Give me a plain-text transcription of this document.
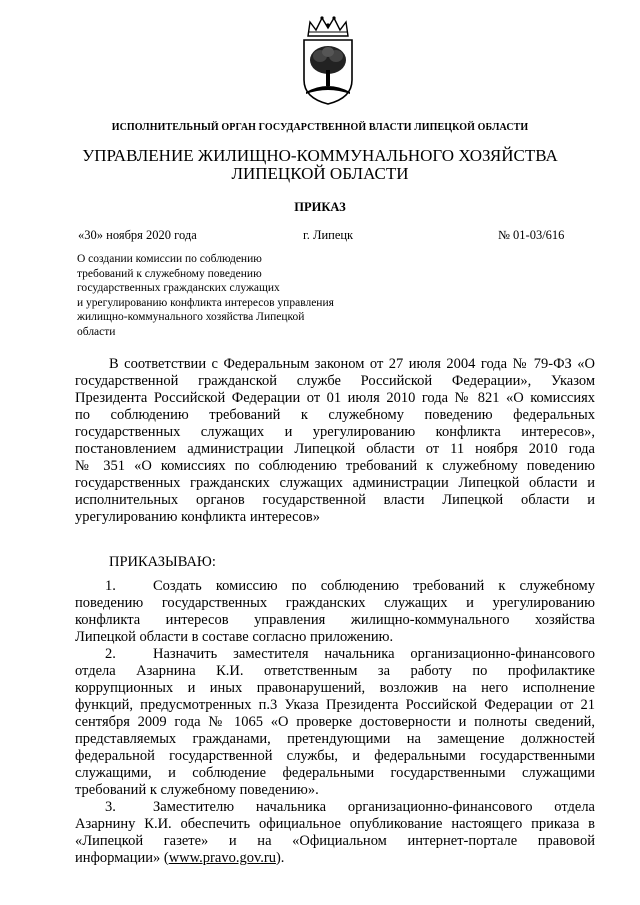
ИСПОЛНИТЕЛЬНЫЙ ОРГАН ГОСУДАРСТВЕННОЙ ВЛАСТИ ЛИПЕЦКОЙ ОБЛАСТИ
УПРАВЛЕНИЕ ЖИЛИЩНО-КОММУНАЛЬНОГО ХОЗЯЙСТВА
ЛИПЕЦКОЙ ОБЛАСТИ
ПРИКАЗ
«30» ноября 2020 года	г. Липецк	№ 01-03/616
О создании комиссии по соблюдению
требований к служебному поведению
государственных гражданских служащих
и урегулированию конфликта интересов управления
жилищно-коммунального хозяйства Липецкой
области
В соответствии с Федеральным законом от 27 июля 2004 года № 79-ФЗ «О
государственной гражданской службе Российской Федерации», Указом
Президента Российской Федерации от 01 июля 2010 года № 821 «О комиссиях
по соблюдению требований к служебному поведению федеральных
государственных служащих и урегулированию конфликта интересов»,
постановлением администрации Липецкой области от 11 ноября 2010 года
№ 351 «О комиссиях по соблюдению требований к служебному поведению
государственных гражданских служащих администрации Липецкой области и
исполнительных органов государственной власти Липецкой области и
урегулированию конфликта интересов»
ПРИКАЗЫВАЮ:
1.	Создать комиссию по соблюдению требований к служебному
поведению государственных гражданских служащих и урегулированию
конфликта интересов управления жилищно-коммунального хозяйства
Липецкой области в составе согласно приложению.
2.	Назначить заместителя начальника организационно-финансового
отдела Азарнина К.И. ответственным за работу по профилактике
коррупционных и иных правонарушений, возложив на него исполнение
функций, предусмотренных п.3 Указа Президента Российской Федерации от 21
сентября 2009 года № 1065 «О проверке достоверности и полноты сведений,
представляемых гражданами, претендующими на замещение должностей
федеральной государственной службы, и федеральными государственными
служащими, и соблюдение федеральными государственными служащими
требований к служебному поведению».
3.	Заместителю начальника организационно-финансового отдела
Азарнину К.И. обеспечить официальное опубликование настоящего приказа в
«Липецкой газете» и на «Официальном интернет-портале правовой
информации» (www.pravo.gov.ru).
